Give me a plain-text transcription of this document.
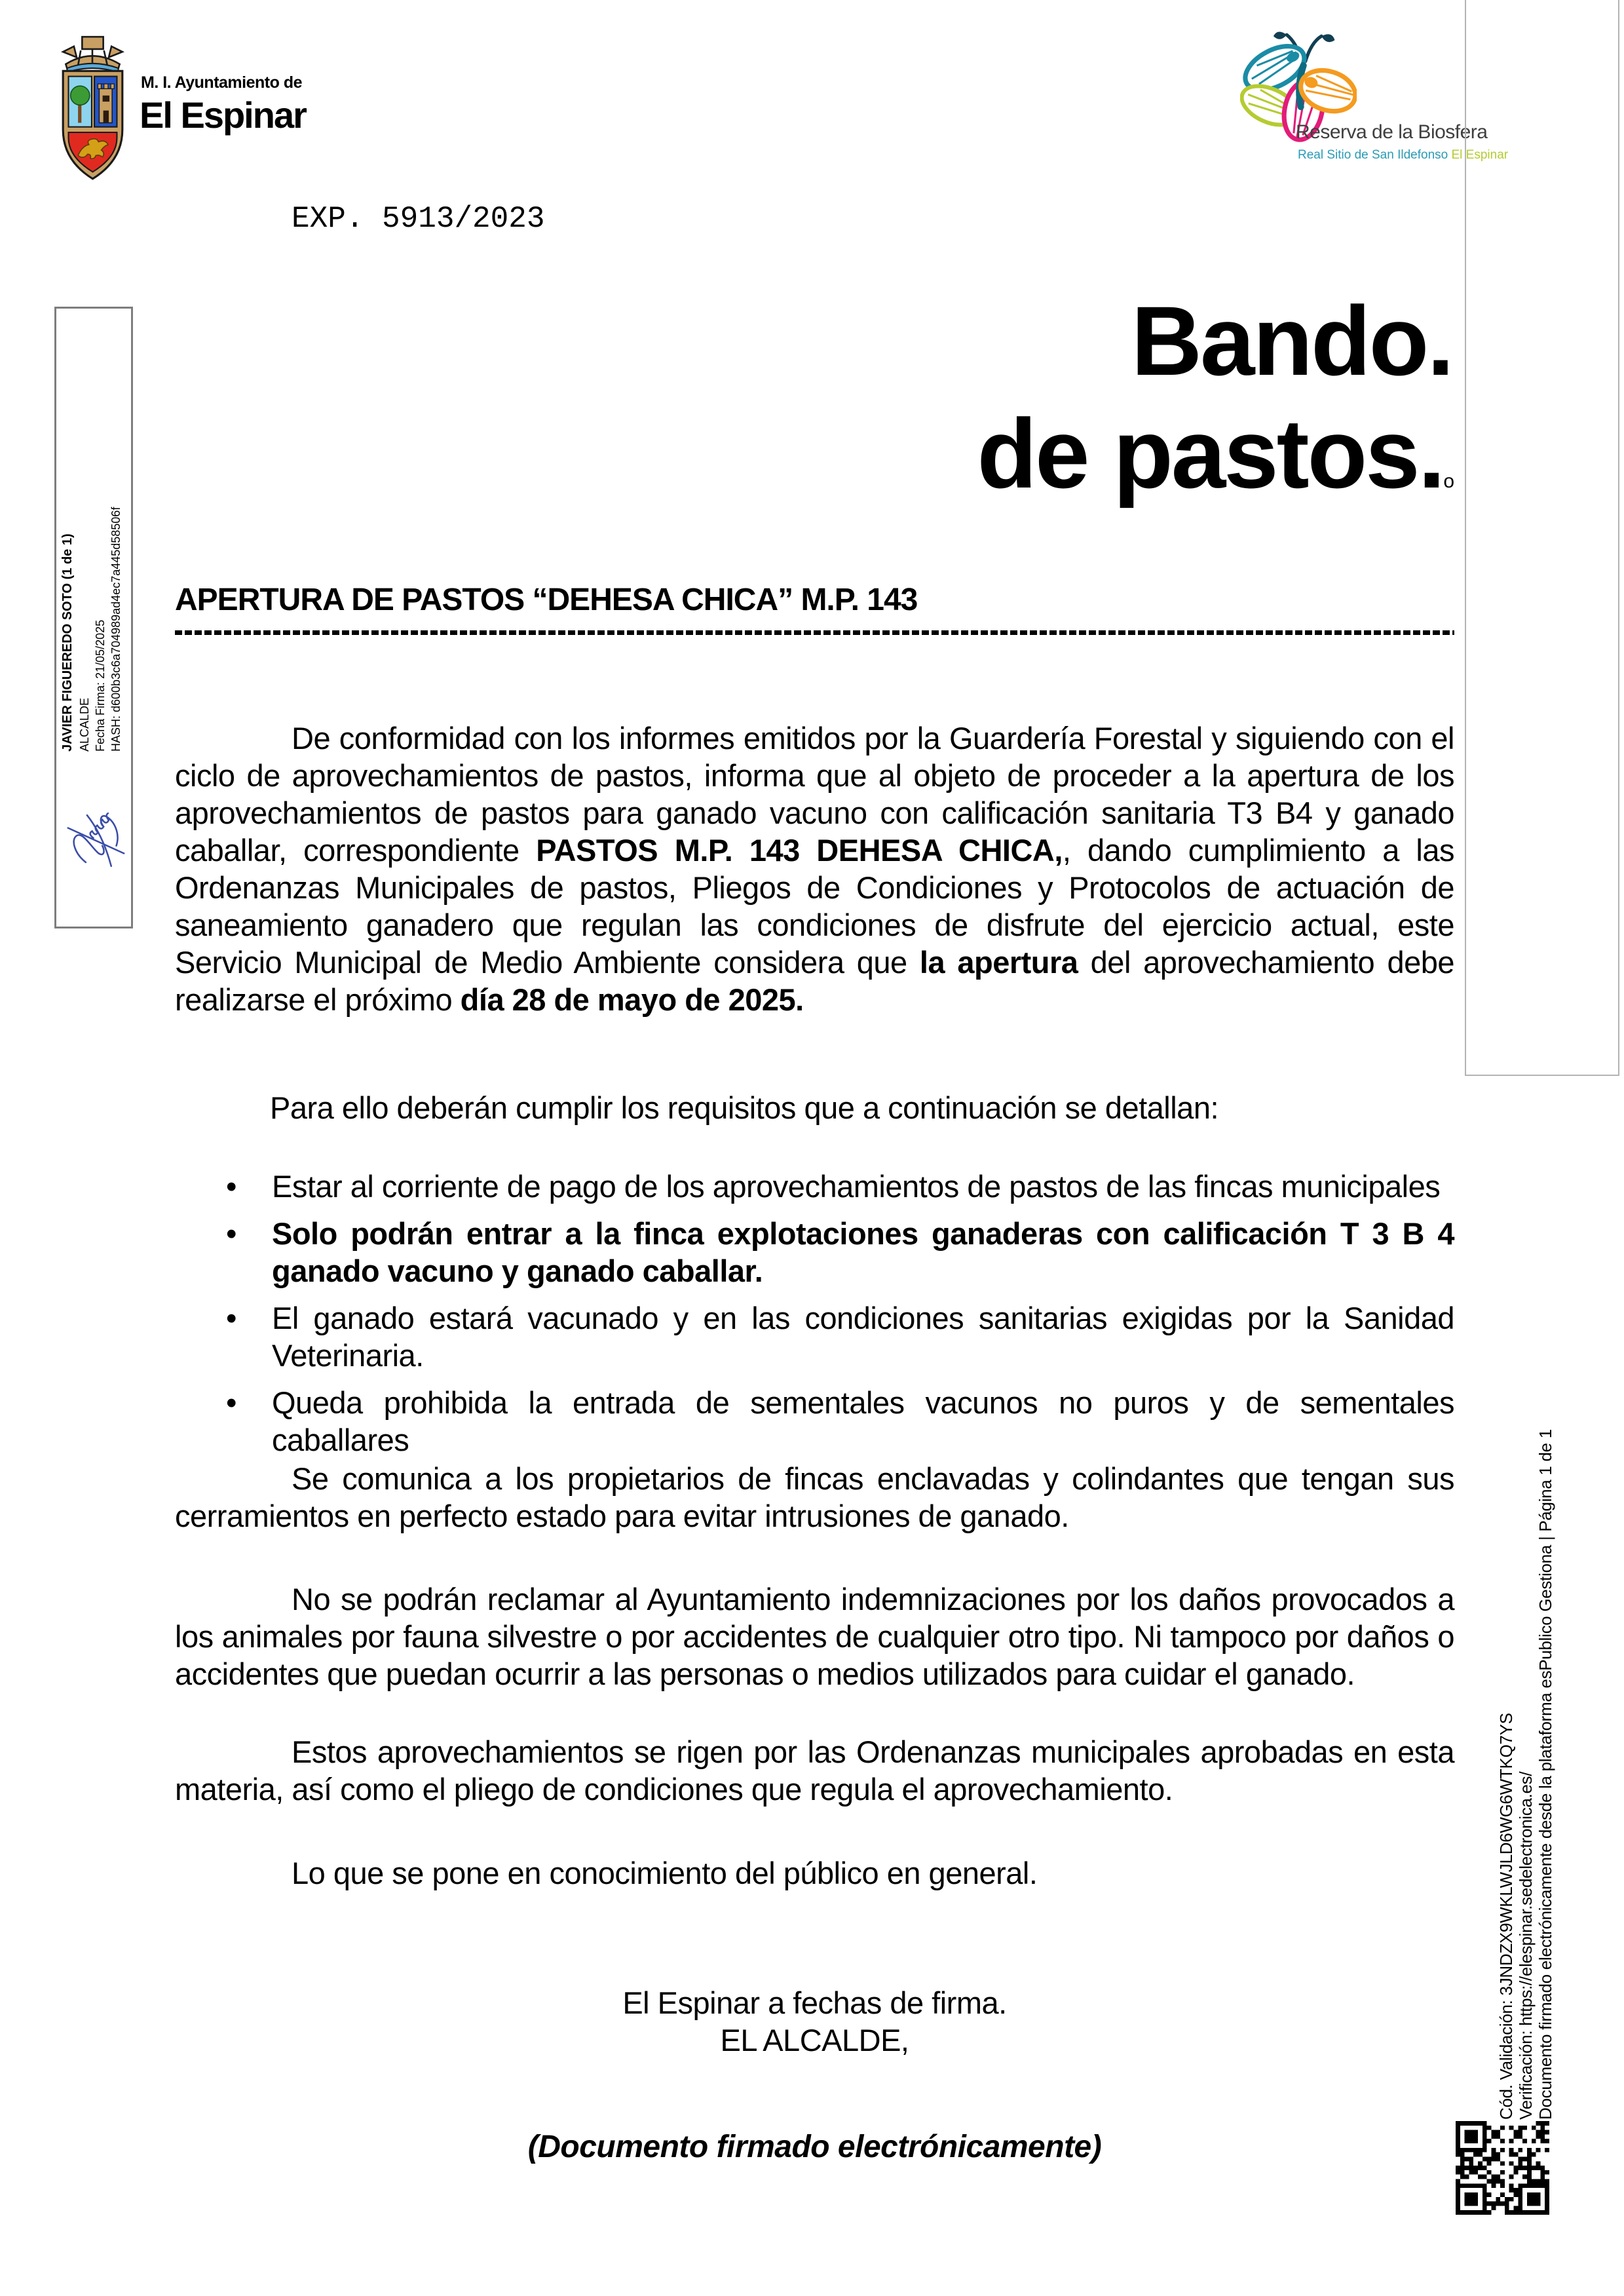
M. I. Ayuntamiento de
El Espinar	Reserva de la Biosfera
Real Sitio de San Ildefonso El Espinar
EXP. 5913/2023
Bando.
de pastos.o
JAVIER FIGUEREDO SOTO (1 de 1) ALCALDE Fecha Firma: 21/05/2025 HASH: d600b3c6a704989ad4ec7a445d58506f APERTURA DE PASTOS “DEHESA CHICA” M.P. 143
De conformidad con los informes emitidos por la Guardería Forestal y siguiendo con el ciclo de aprovechamientos de pastos, informa que al objeto de proceder a la apertura de los aprovechamientos de pastos para ganado vacuno con calificación sanitaria T3 B4 y ganado caballar, correspondiente PASTOS M.P. 143 DEHESA CHICA,, dando cumplimiento a las Ordenanzas Municipales de pastos, Pliegos de Condiciones y Protocolos de actuación de saneamiento ganadero que regulan las condiciones de disfrute del ejercicio actual, este Servicio Municipal de Medio Ambiente considera que la apertura del aprovechamiento debe realizarse el próximo día 28 de mayo de 2025.
Para ello deberán cumplir los requisitos que a continuación se detallan:
• Estar al corriente de pago de los aprovechamientos de pastos de las fincas municipales
• Solo podrán entrar a la finca explotaciones ganaderas con calificación T 3 B 4 ganado vacuno y ganado caballar.
• El ganado estará vacunado y en las condiciones sanitarias exigidas por la Sanidad Veterinaria.
• Queda prohibida la entrada de sementales vacunos no puros y de sementales caballares
Se comunica a los propietarios de fincas enclavadas y colindantes que tengan sus cerramientos en perfecto estado para evitar intrusiones de ganado.
No se podrán reclamar al Ayuntamiento indemnizaciones por los daños provocados a los animales por fauna silvestre o por accidentes de cualquier otro tipo. Ni tampoco por daños o accidentes que puedan ocurrir a las personas o medios utilizados para cuidar el ganado.
Estos aprovechamientos se rigen por las Ordenanzas municipales aprobadas en esta materia, así como el pliego de condiciones que regula el aprovechamiento.
Lo que se pone en conocimiento del público en general.
El Espinar a fechas de firma.
EL ALCALDE,
(Documento firmado electrónicamente)
Cód. Validación: 3JNDZX9WKLWJLD6WG6WTKQ7YS Verificación: https://elespinar.sedelectronica.es/ Documento firmado electrónicamente desde la plataforma esPublico Gestiona | Página 1 de 1
